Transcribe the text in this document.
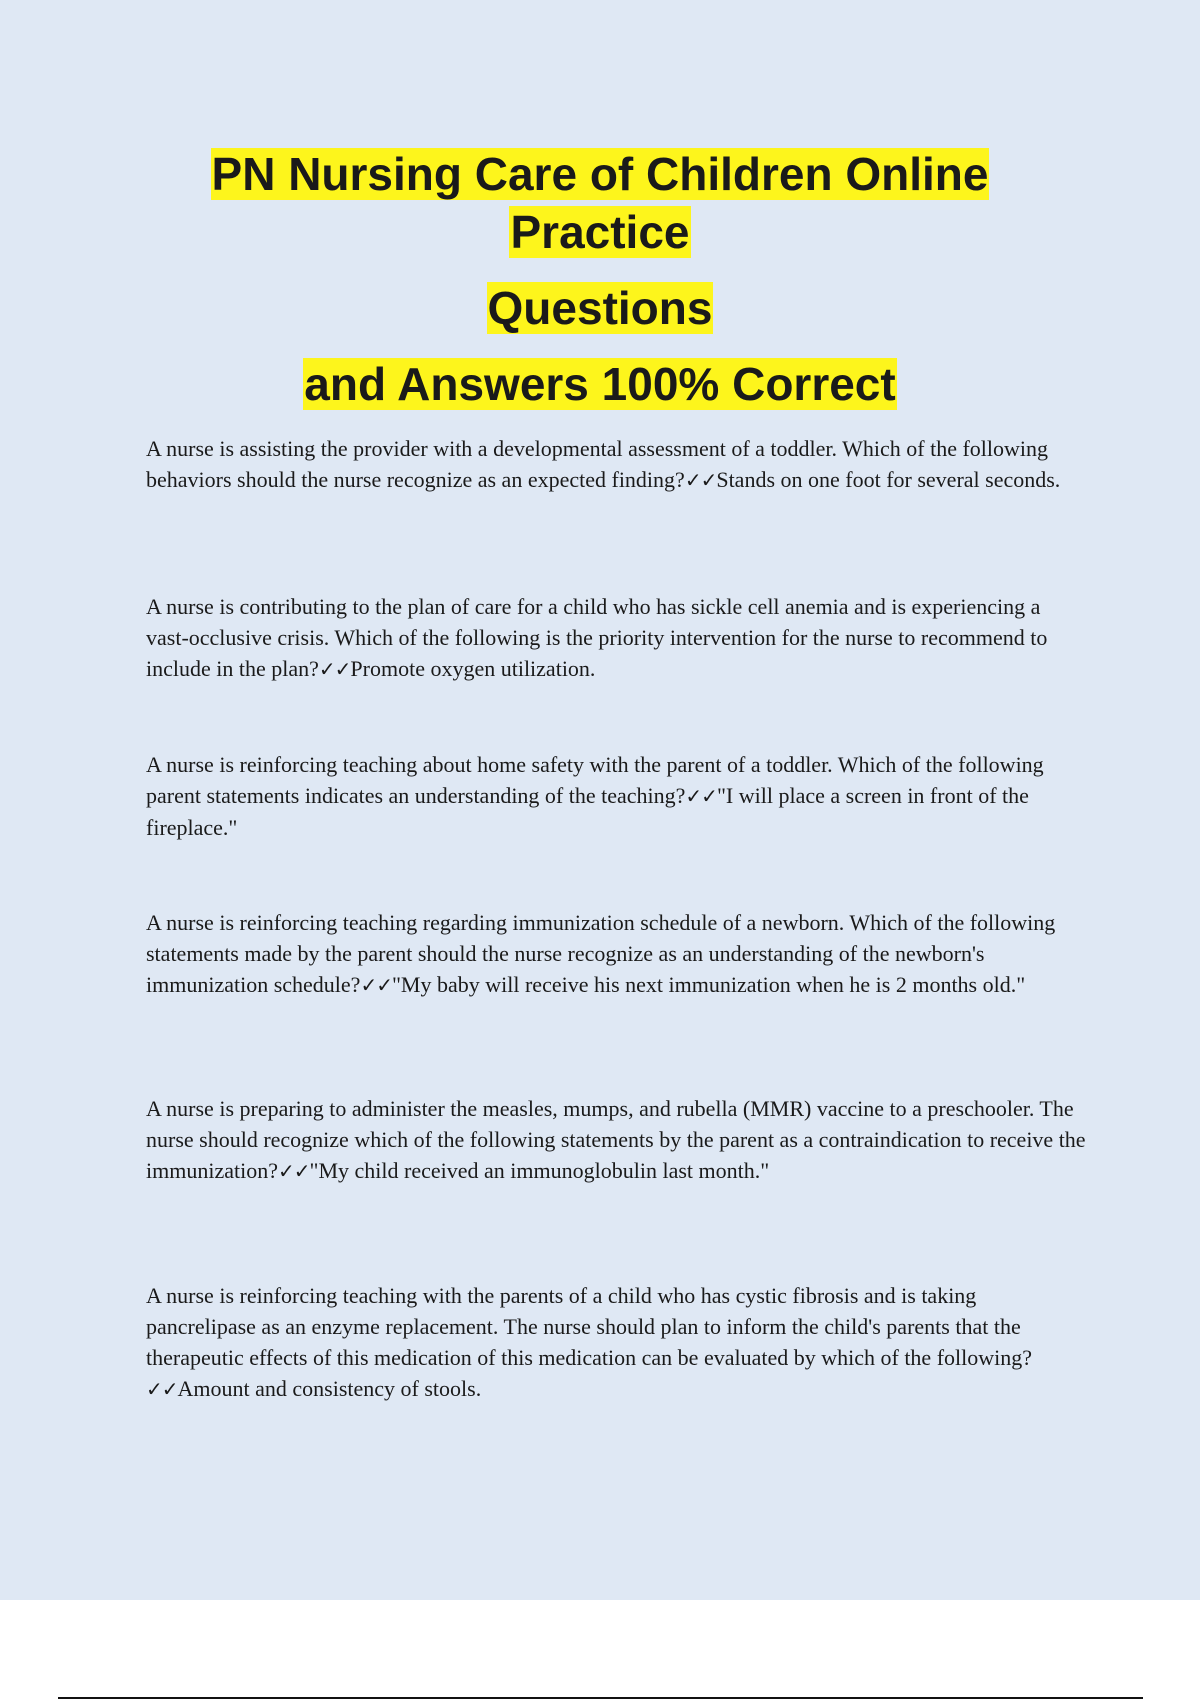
PN Nursing Care of Children Online
Practice
Questions
and Answers 100% Correct

A nurse is assisting the provider with a developmental assessment of a toddler. Which of the following behaviors should the nurse recognize as an expected finding?✓✓Stands on one foot for several seconds.

A nurse is contributing to the plan of care for a child who has sickle cell anemia and is experiencing a vast-occlusive crisis. Which of the following is the priority intervention for the nurse to recommend to include in the plan?✓✓Promote oxygen utilization.

A nurse is reinforcing teaching about home safety with the parent of a toddler. Which of the following parent statements indicates an understanding of the teaching?✓✓"I will place a screen in front of the fireplace."

A nurse is reinforcing teaching regarding immunization schedule of a newborn. Which of the following statements made by the parent should the nurse recognize as an understanding of the newborn's immunization schedule?✓✓"My baby will receive his next immunization when he is 2 months old."

A nurse is preparing to administer the measles, mumps, and rubella (MMR) vaccine to a preschooler. The nurse should recognize which of the following statements by the parent as a contraindication to receive the immunization?✓✓"My child received an immunoglobulin last month."

A nurse is reinforcing teaching with the parents of a child who has cystic fibrosis and is taking pancrelipase as an enzyme replacement. The nurse should plan to inform the child's parents that the therapeutic effects of this medication of this medication can be evaluated by which of the following?✓✓Amount and consistency of stools.
